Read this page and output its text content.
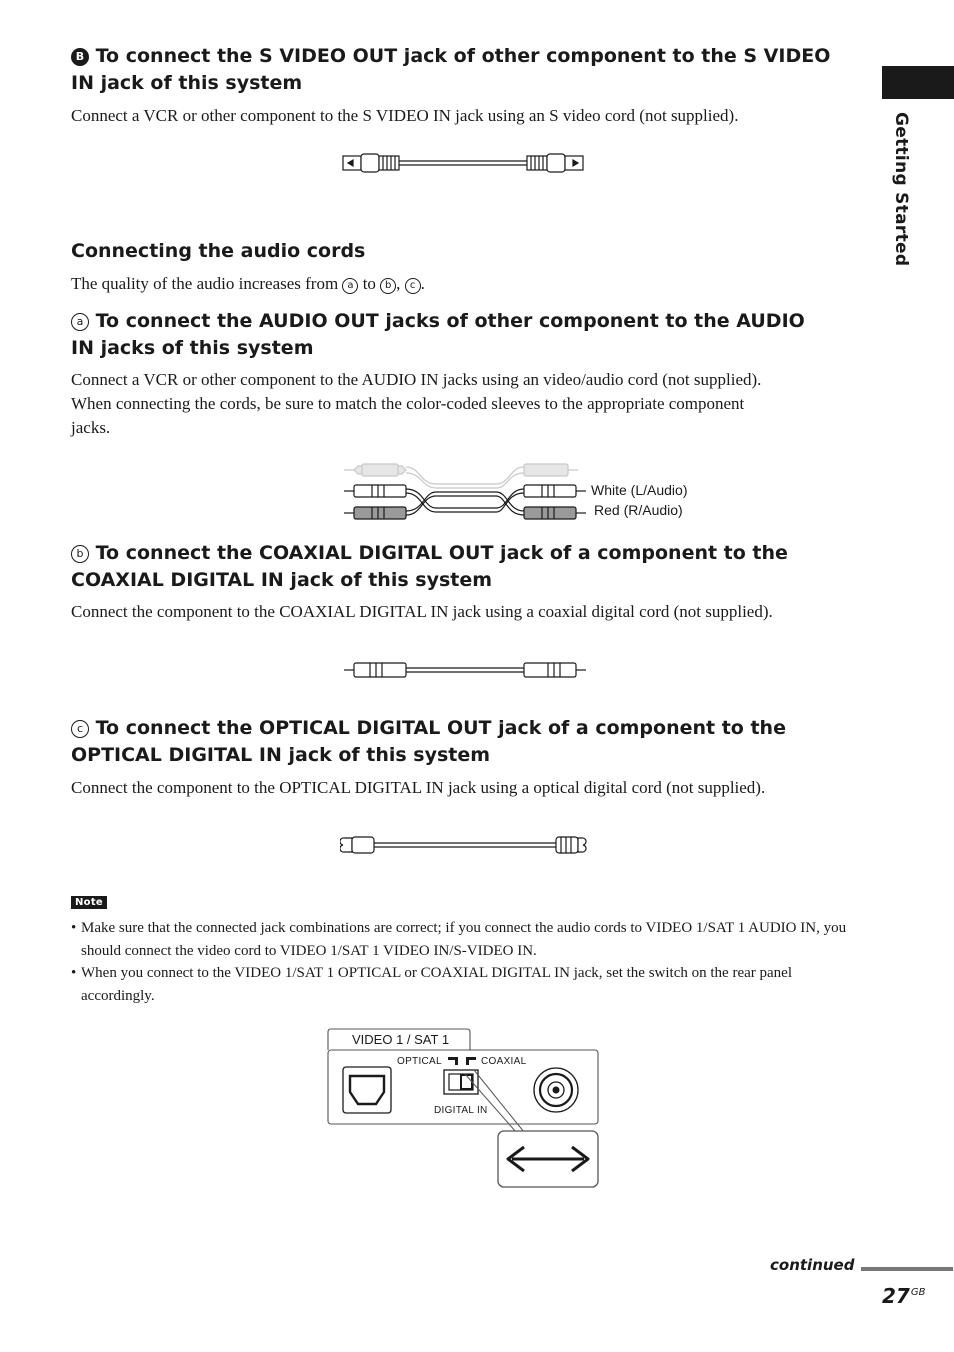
Getting Started
B To connect the S VIDEO OUT jack of other component to the S VIDEO
IN jack of this system
Connect a VCR or other component to the S VIDEO IN jack using an S video cord (not supplied).
Connecting the audio cords
The quality of the audio increases from a to b , c .
a To connect the AUDIO OUT jacks of other component to the AUDIO
IN jacks of this system
Connect a VCR or other component to the AUDIO IN jacks using an video/audio cord (not supplied).
When connecting the cords, be sure to match the color-coded sleeves to the appropriate component
jacks.
White (L/Audio)
Red (R/Audio)
b To connect the COAXIAL DIGITAL OUT jack of a component to the
COAXIAL DIGITAL IN jack of this system
Connect the component to the COAXIAL DIGITAL IN jack using a coaxial digital cord (not supplied).
c To connect the OPTICAL DIGITAL OUT jack of a component to the
OPTICAL DIGITAL IN jack of this system
Connect the component to the OPTICAL DIGITAL IN jack using a optical digital cord (not supplied).
Note
• Make sure that the connected jack combinations are correct; if you connect the audio cords to VIDEO 1/SAT 1 AUDIO IN, you should connect the video cord to VIDEO 1/SAT 1 VIDEO IN/S-VIDEO IN.
• When you connect to the VIDEO 1/SAT 1 OPTICAL or COAXIAL DIGITAL IN jack, set the switch on the rear panel accordingly.
VIDEO 1 / SAT 1
OPTICAL	COAXIAL
DIGITAL IN
continued
$27^{GB}$
